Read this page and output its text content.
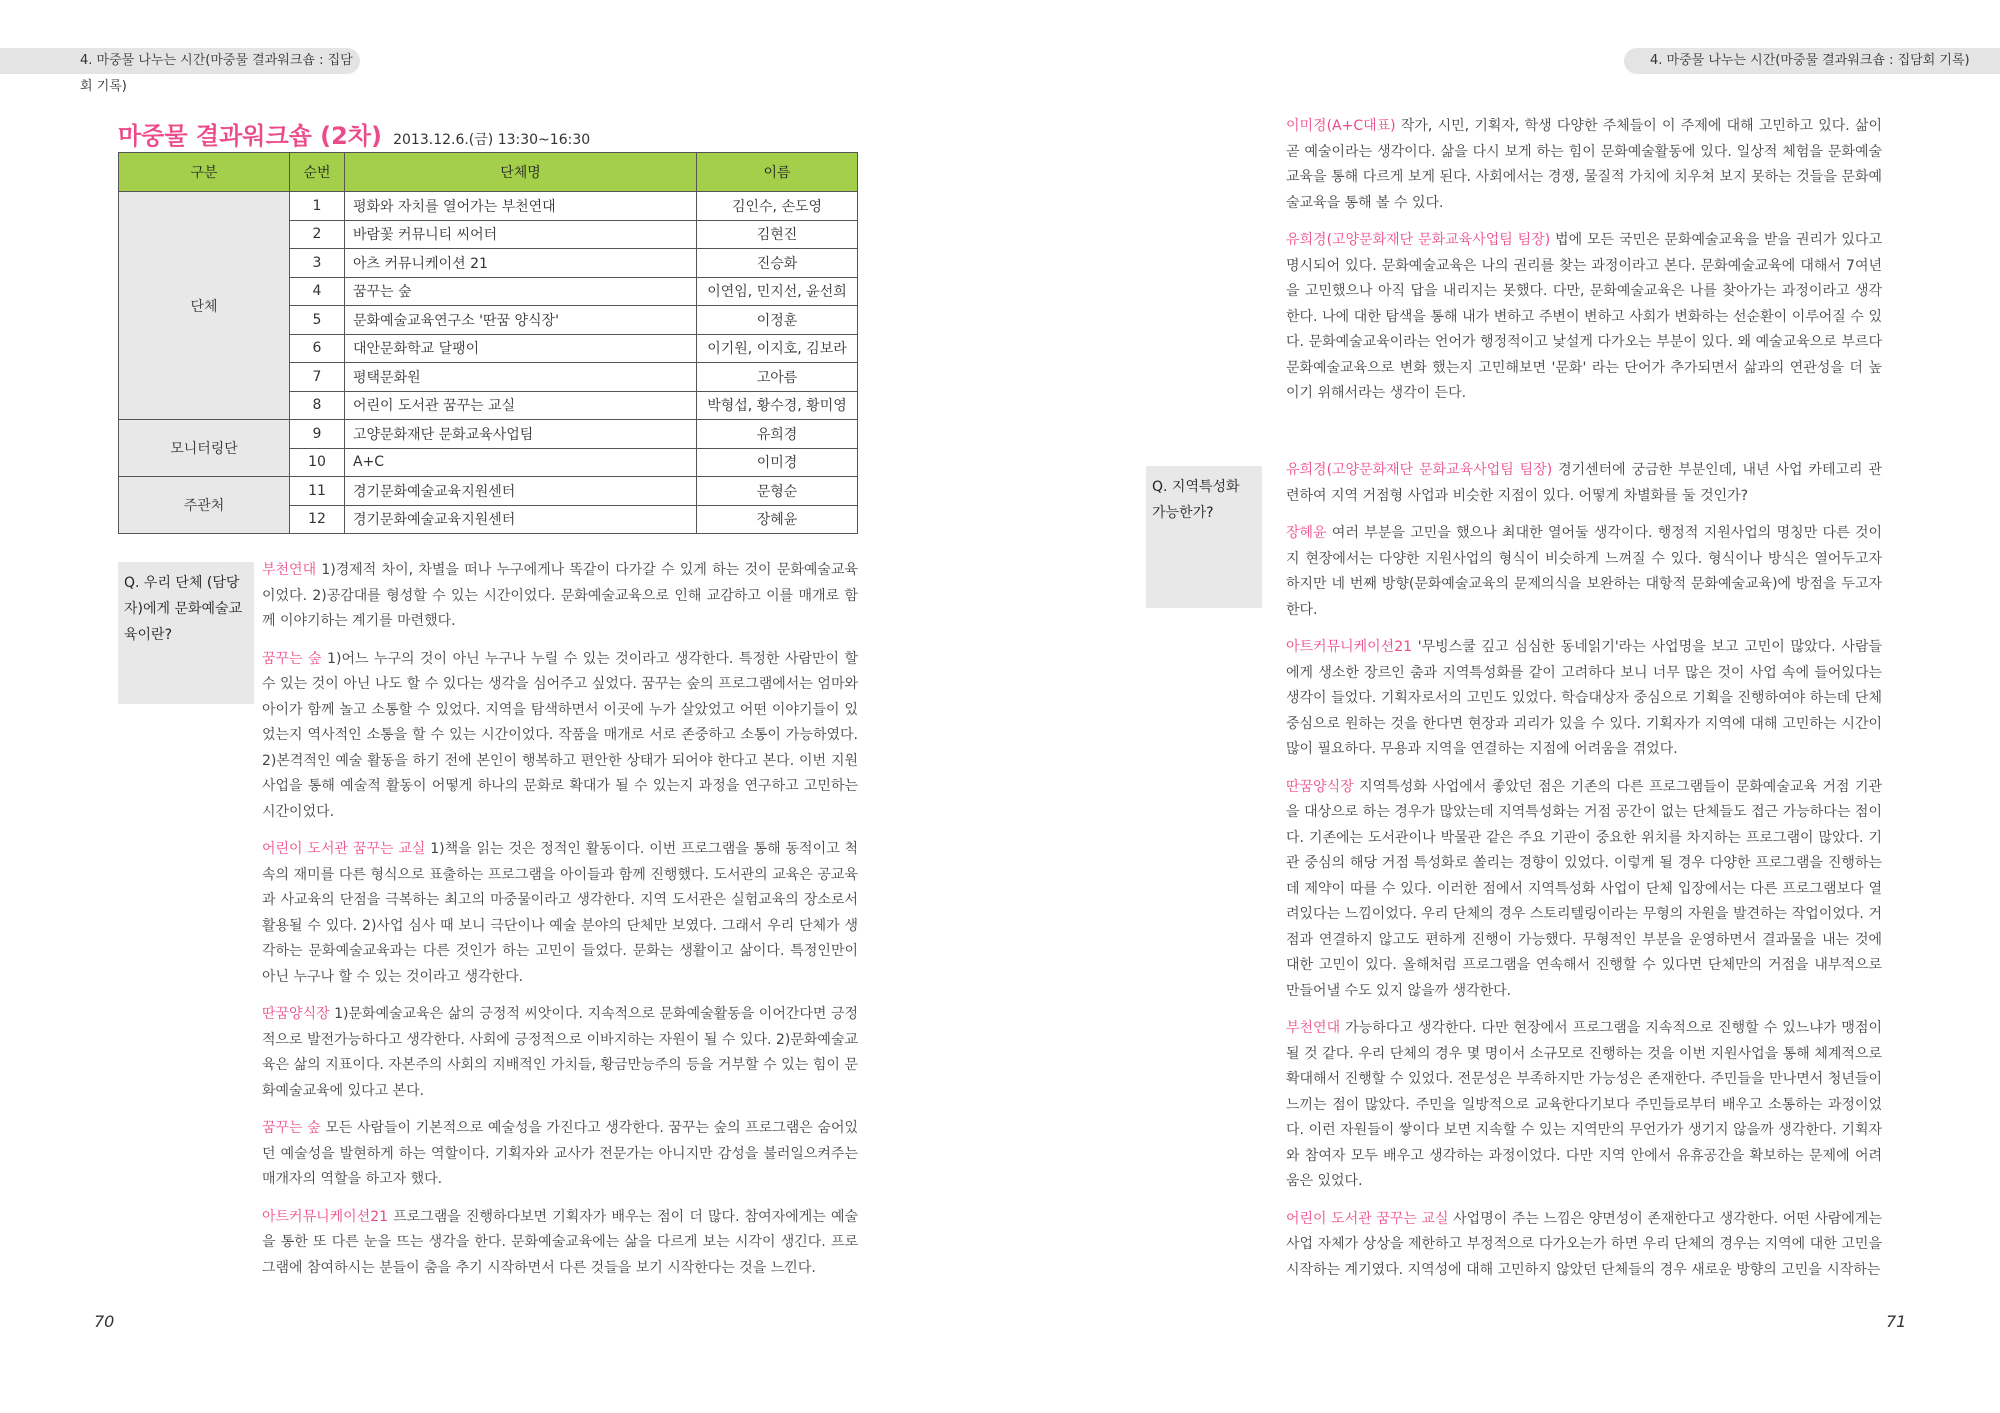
4. 마중물 나누는 시간(마중물 결과워크숍 : 집담회 기록)
4. 마중물 나누는 시간(마중물 결과워크숍 : 집담회 기록)
마중물 결과워크숍 (2차) 2013.12.6.(금) 13:30~16:30
구분	순번	단체명	이름
단체	1	평화와 자치를 열어가는 부천연대	김인수, 손도영
	2	바람꽃 커뮤니티 씨어터	김현진
	3	아츠 커뮤니케이션 21	진승화
	4	꿈꾸는 숲	이연임, 민지선, 윤선희
	5	문화예술교육연구소 '딴꿈 양식장'	이정훈
	6	대안문화학교 달팽이	이기원, 이지호, 김보라
	7	평택문화원	고아름
	8	어린이 도서관 꿈꾸는 교실	박형섭, 황수경, 황미영
모니터링단	9	고양문화재단 문화교육사업팀	유희경
	10	A+C	이미경
주관처	11	경기문화예술교육지원센터	문형순
	12	경기문화예술교육지원센터	장혜윤
Q. 우리 단체 (담당자)에게 문화예술교육이란?

부천연대 1)경제적 차이, 차별을 떠나 누구에게나 똑같이 다가갈 수 있게 하는 것이 문화예술교육이었다. 2)공감대를 형성할 수 있는 시간이었다. 문화예술교육으로 인해 교감하고 이를 매개로 함께 이야기하는 계기를 마련했다.

꿈꾸는 숲 1)어느 누구의 것이 아닌 누구나 누릴 수 있는 것이라고 생각한다. 특정한 사람만이 할 수 있는 것이 아닌 나도 할 수 있다는 생각을 심어주고 싶었다. 꿈꾸는 숲의 프로그램에서는 엄마와 아이가 함께 놀고 소통할 수 있었다. 지역을 탐색하면서 이곳에 누가 살았었고 어떤 이야기들이 있었는지 역사적인 소통을 할 수 있는 시간이었다. 작품을 매개로 서로 존중하고 소통이 가능하였다. 2)본격적인 예술 활동을 하기 전에 본인이 행복하고 편안한 상태가 되어야 한다고 본다. 이번 지원사업을 통해 예술적 활동이 어떻게 하나의 문화로 확대가 될 수 있는지 과정을 연구하고 고민하는 시간이었다.

어린이 도서관 꿈꾸는 교실 1)책을 읽는 것은 정적인 활동이다. 이번 프로그램을 통해 동적이고 척속의 재미를 다른 형식으로 표출하는 프로그램을 아이들과 함께 진행했다. 도서관의 교육은 공교육과 사교육의 단점을 극복하는 최고의 마중물이라고 생각한다. 지역 도서관은 실험교육의 장소로서 활용될 수 있다. 2)사업 심사 때 보니 극단이나 예술 분야의 단체만 보였다. 그래서 우리 단체가 생각하는 문화예술교육과는 다른 것인가 하는 고민이 들었다. 문화는 생활이고 삶이다. 특정인만이 아닌 누구나 할 수 있는 것이라고 생각한다.

딴꿈양식장 1)문화예술교육은 삶의 긍정적 씨앗이다. 지속적으로 문화예술활동을 이어간다면 긍정적으로 발전가능하다고 생각한다. 사회에 긍정적으로 이바지하는 자원이 될 수 있다. 2)문화예술교육은 삶의 지표이다. 자본주의 사회의 지배적인 가치들, 황금만능주의 등을 거부할 수 있는 힘이 문화예술교육에 있다고 본다.

꿈꾸는 숲 모든 사람들이 기본적으로 예술성을 가진다고 생각한다. 꿈꾸는 숲의 프로그램은 숨어있던 예술성을 발현하게 하는 역할이다. 기획자와 교사가 전문가는 아니지만 감성을 불러일으켜주는 매개자의 역할을 하고자 했다.

아트커뮤니케이션21 프로그램을 진행하다보면 기획자가 배우는 점이 더 많다. 참여자에게는 예술을 통한 또 다른 눈을 뜨는 생각을 한다. 문화예술교육에는 삶을 다르게 보는 시각이 생긴다. 프로그램에 참여하시는 분들이 춤을 추기 시작하면서 다른 것들을 보기 시작한다는 것을 느낀다.

이미경(A+C대표) 작가, 시민, 기획자, 학생 다양한 주체들이 이 주제에 대해 고민하고 있다. 삶이 곧 예술이라는 생각이다. 삶을 다시 보게 하는 힘이 문화예술활동에 있다. 일상적 체험을 문화예술교육을 통해 다르게 보게 된다. 사회에서는 경쟁, 물질적 가치에 치우쳐 보지 못하는 것들을 문화예술교육을 통해 볼 수 있다.

유희경(고양문화재단 문화교육사업팀 팀장) 법에 모든 국민은 문화예술교육을 받을 권리가 있다고 명시되어 있다. 문화예술교육은 나의 권리를 찾는 과정이라고 본다. 문화예술교육에 대해서 7여년을 고민했으나 아직 답을 내리지는 못했다. 다만, 문화예술교육은 나를 찾아가는 과정이라고 생각한다. 나에 대한 탐색을 통해 내가 변하고 주변이 변하고 사회가 변화하는 선순환이 이루어질 수 있다. 문화예술교육이라는 언어가 행정적이고 낯설게 다가오는 부분이 있다. 왜 예술교육으로 부르다 문화예술교육으로 변화 했는지 고민해보면 '문화' 라는 단어가 추가되면서 삶과의 연관성을 더 높이기 위해서라는 생각이 든다.

Q. 지역특성화 가능한가?

유희경(고양문화재단 문화교육사업팀 팀장) 경기센터에 궁금한 부분인데, 내년 사업 카테고리 관련하여 지역 거점형 사업과 비슷한 지점이 있다. 어떻게 차별화를 둘 것인가?

장혜윤 여러 부분을 고민을 했으나 최대한 열어둘 생각이다. 행정적 지원사업의 명칭만 다른 것이지 현장에서는 다양한 지원사업의 형식이 비슷하게 느껴질 수 있다. 형식이나 방식은 열어두고자 하지만 네 번째 방향(문화예술교육의 문제의식을 보완하는 대항적 문화예술교육)에 방점을 두고자 한다.

아트커뮤니케이션21 '무빙스쿨 깊고 심심한 동네읽기'라는 사업명을 보고 고민이 많았다. 사람들에게 생소한 장르인 춤과 지역특성화를 같이 고려하다 보니 너무 많은 것이 사업 속에 들어있다는 생각이 들었다. 기획자로서의 고민도 있었다. 학습대상자 중심으로 기획을 진행하여야 하는데 단체중심으로 원하는 것을 한다면 현장과 괴리가 있을 수 있다. 기획자가 지역에 대해 고민하는 시간이 많이 필요하다. 무용과 지역을 연결하는 지점에 어려움을 겪었다.

딴꿈양식장 지역특성화 사업에서 좋았던 점은 기존의 다른 프로그램들이 문화예술교육 거점 기관을 대상으로 하는 경우가 많았는데 지역특성화는 거점 공간이 없는 단체들도 접근 가능하다는 점이다. 기존에는 도서관이나 박물관 같은 주요 기관이 중요한 위치를 차지하는 프로그램이 많았다. 기관 중심의 해당 거점 특성화로 쏠리는 경향이 있었다. 이렇게 될 경우 다양한 프로그램을 진행하는데 제약이 따를 수 있다. 이러한 점에서 지역특성화 사업이 단체 입장에서는 다른 프로그램보다 열려있다는 느낌이었다. 우리 단체의 경우 스토리텔링이라는 무형의 자원을 발견하는 작업이었다. 거점과 연결하지 않고도 편하게 진행이 가능했다. 무형적인 부분을 운영하면서 결과물을 내는 것에 대한 고민이 있다. 올해처럼 프로그램을 연속해서 진행할 수 있다면 단체만의 거점을 내부적으로 만들어낼 수도 있지 않을까 생각한다.

부천연대 가능하다고 생각한다. 다만 현장에서 프로그램을 지속적으로 진행할 수 있느냐가 맹점이 될 것 같다. 우리 단체의 경우 몇 명이서 소규모로 진행하는 것을 이번 지원사업을 통해 체계적으로 확대해서 진행할 수 있었다. 전문성은 부족하지만 가능성은 존재한다. 주민들을 만나면서 청년들이 느끼는 점이 많았다. 주민을 일방적으로 교육한다기보다 주민들로부터 배우고 소통하는 과정이었다. 이런 자원들이 쌓이다 보면 지속할 수 있는 지역만의 무언가가 생기지 않을까 생각한다. 기획자와 참여자 모두 배우고 생각하는 과정이었다. 다만 지역 안에서 유휴공간을 확보하는 문제에 어려움은 있었다.

어린이 도서관 꿈꾸는 교실 사업명이 주는 느낌은 양면성이 존재한다고 생각한다. 어떤 사람에게는 사업 자체가 상상을 제한하고 부정적으로 다가오는가 하면 우리 단체의 경우는 지역에 대한 고민을 시작하는 계기였다. 지역성에 대해 고민하지 않았던 단체들의 경우 새로운 방향의 고민을 시작하는

70	71
